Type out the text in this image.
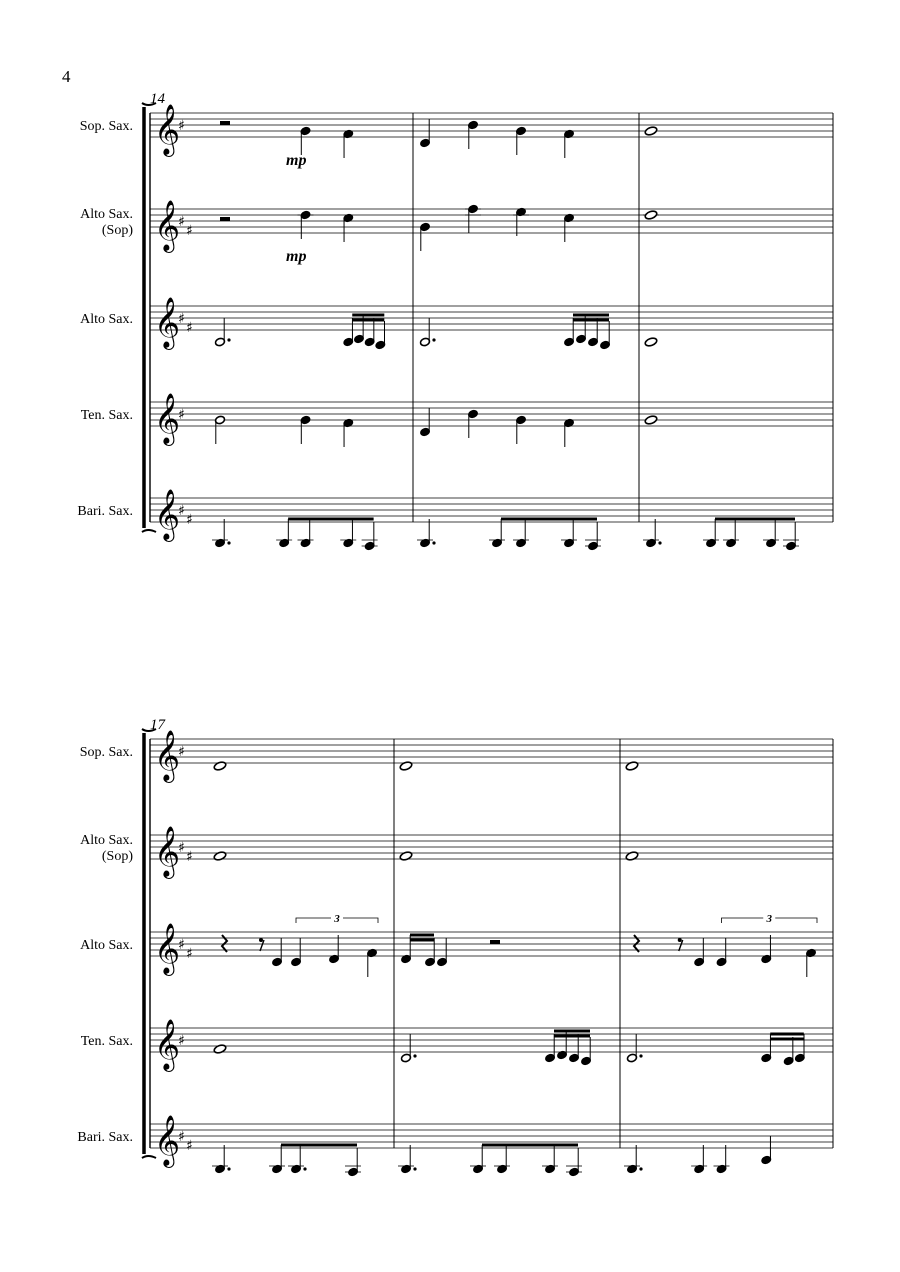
4
14
Sop. Sax. 𝄞
♯
mp
Alto Sax.
(Sop) 𝄞
♯
♯
mp
Alto Sax. 𝄞
♯
♯
Ten. Sax. 𝄞
♯
Bari. Sax. 𝄞
♯
♯
17
Sop. Sax. 𝄞
♯
Alto Sax.
(Sop) 𝄞
♯
♯
Alto Sax. 𝄞
♯
♯
3	3
Ten. Sax. 𝄞
♯
Bari. Sax. 𝄞
♯
♯
